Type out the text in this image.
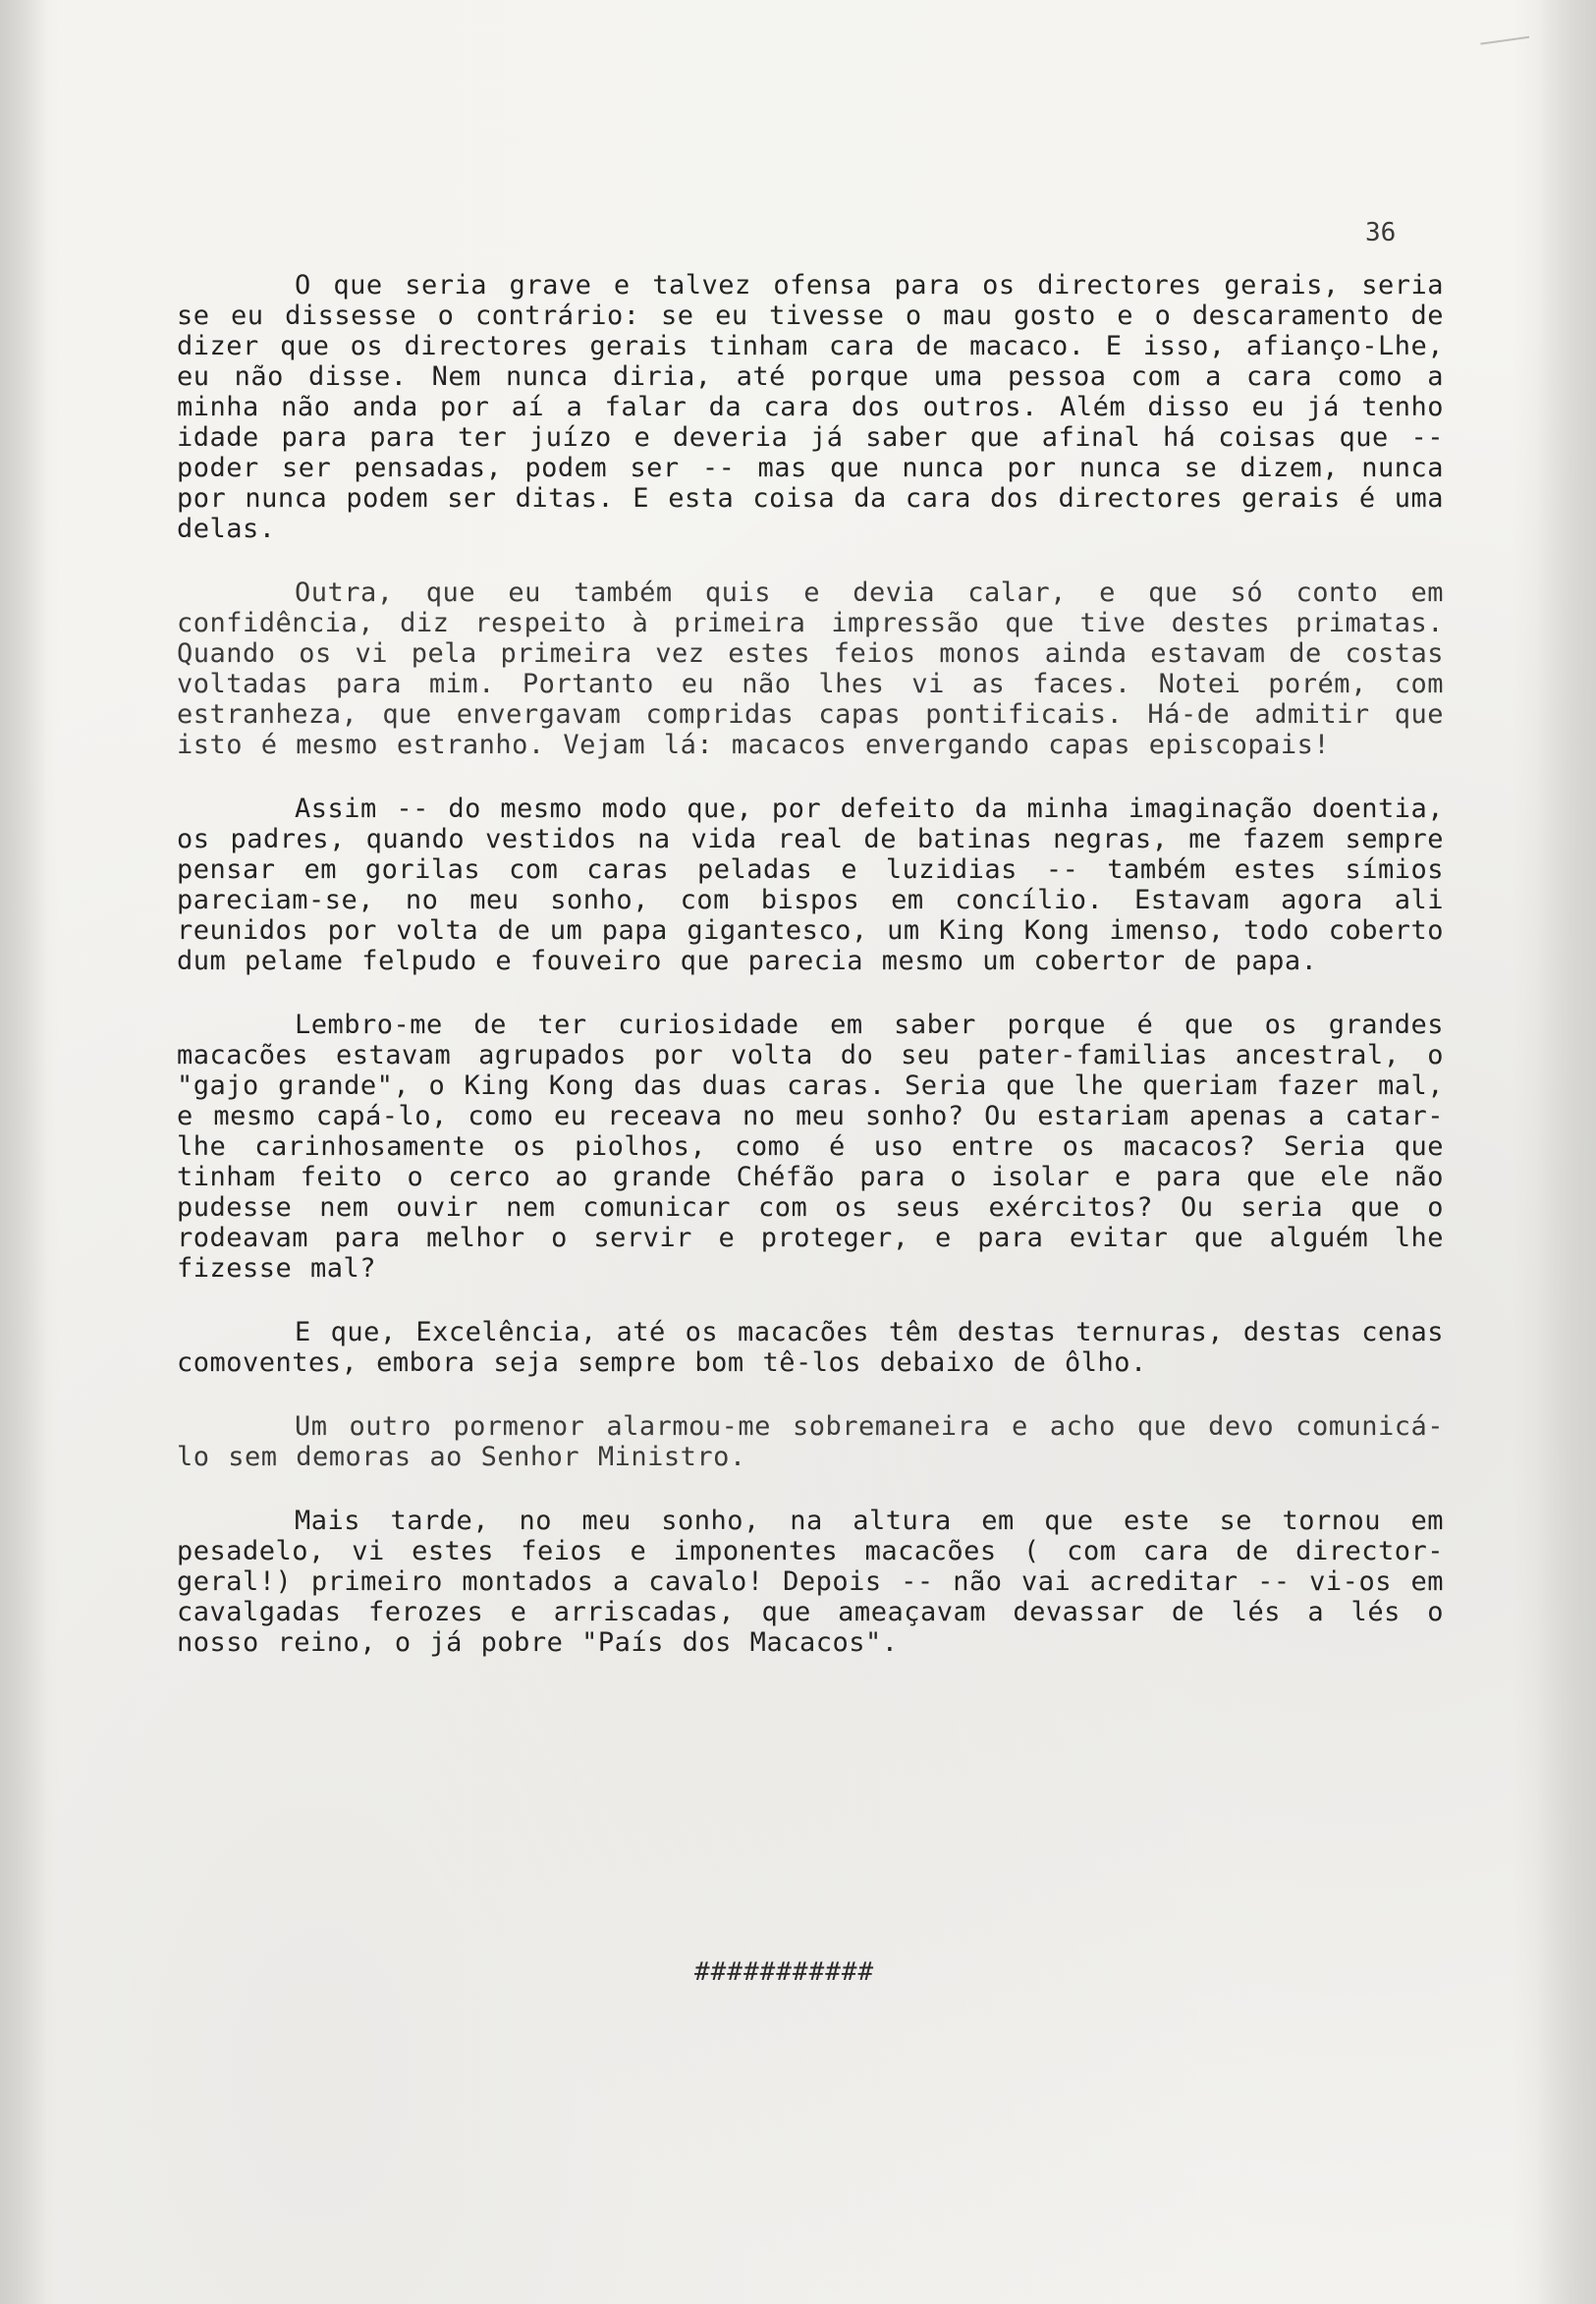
36

O que seria grave e talvez ofensa para os directores gerais, seria se eu dissesse o contrário: se eu tivesse o mau gosto e o descaramento de dizer que os directores gerais tinham cara de macaco. E isso, afianço-Lhe, eu não disse. Nem nunca diria, até porque uma pessoa com a cara como a minha não anda por aí a falar da cara dos outros. Além disso eu já tenho idade para para ter juízo e deveria já saber que afinal há coisas que -- poder ser pensadas, podem ser -- mas que nunca por nunca se dizem, nunca por nunca podem ser ditas. E esta coisa da cara dos directores gerais é uma delas.

Outra, que eu também quis e devia calar, e que só conto em confidência, diz respeito à primeira impressão que tive destes primatas. Quando os vi pela primeira vez estes feios monos ainda estavam de costas voltadas para mim. Portanto eu não lhes vi as faces. Notei porém, com estranheza, que envergavam compridas capas pontificais. Há-de admitir que isto é mesmo estranho. Vejam lá: macacos envergando capas episcopais!

Assim -- do mesmo modo que, por defeito da minha imaginação doentia, os padres, quando vestidos na vida real de batinas negras, me fazem sempre pensar em gorilas com caras peladas e luzidias -- também estes símios pareciam-se, no meu sonho, com bispos em concílio. Estavam agora ali reunidos por volta de um papa gigantesco, um King Kong imenso, todo coberto dum pelame felpudo e fouveiro que parecia mesmo um cobertor de papa.

Lembro-me de ter curiosidade em saber porque é que os grandes macacões estavam agrupados por volta do seu pater-familias ancestral, o "gajo grande", o King Kong das duas caras. Seria que lhe queriam fazer mal, e mesmo capá-lo, como eu receava no meu sonho? Ou estariam apenas a catar-lhe carinhosamente os piolhos, como é uso entre os macacos? Seria que tinham feito o cerco ao grande Chéfão para o isolar e para que ele não pudesse nem ouvir nem comunicar com os seus exércitos? Ou seria que o rodeavam para melhor o servir e proteger, e para evitar que alguém lhe fizesse mal?

E que, Excelência, até os macacões têm destas ternuras, destas cenas comoventes, embora seja sempre bom tê-los debaixo de ôlho.

Um outro pormenor alarmou-me sobremaneira e acho que devo comunicá-lo sem demoras ao Senhor Ministro.

Mais tarde, no meu sonho, na altura em que este se tornou em pesadelo, vi estes feios e imponentes macacões ( com cara de director-geral!) primeiro montados a cavalo! Depois -- não vai acreditar -- vi-os em cavalgadas ferozes e arriscadas, que ameaçavam devassar de lés a lés o nosso reino, o já pobre "País dos Macacos".

###########
